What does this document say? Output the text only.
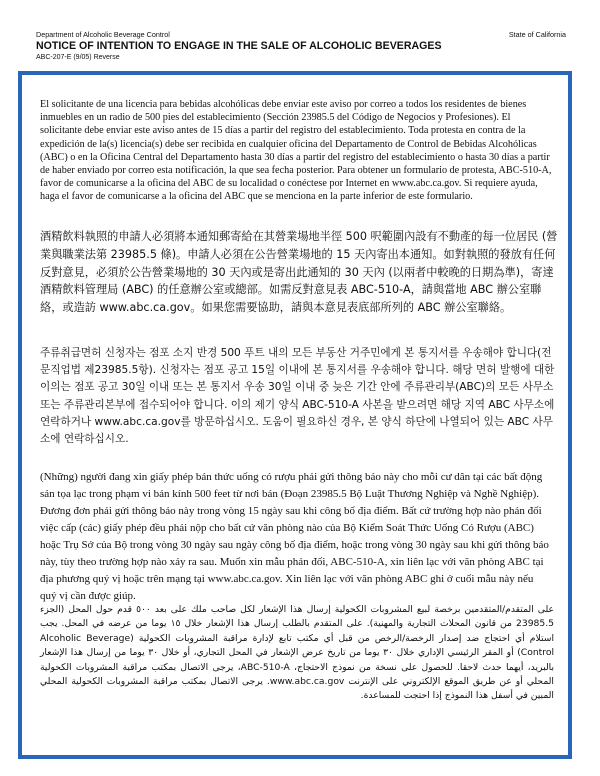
Department of Alcoholic Beverage Control	State of California
NOTICE OF INTENTION TO ENGAGE IN THE SALE OF ALCOHOLIC BEVERAGES
ABC-207-E (9/05) Reverse

El solicitante de una licencia para bebidas alcohólicas debe enviar este aviso por correo a todos los residentes de bienes inmuebles en un radio de 500 pies del establecimiento (Sección 23985.5 del Código de Negocios y Profesiones). El solicitante debe enviar este aviso antes de 15 días a partir del registro del establecimiento. Toda protesta en contra de la expedición de la(s) licencia(s) debe ser recibida en cualquier oficina del Departamento de Control de Bebidas Alcohólicas (ABC) o en la Oficina Central del Departamento hasta 30 días a partir del registro del establecimiento o hasta 30 días a partir de haber enviado por correo esta notificación, la que sea fecha posterior. Para obtener un formulario de protesta, ABC-510-A, favor de comunicarse a la oficina del ABC de su localidad o conéctese por Internet en www.abc.ca.gov. Si requiere ayuda, haga el favor de comunicarse a la oficina del ABC que se menciona en la parte inferior de este formulario.

酒精飲料執照的申請人必須將本通知郵寄給在其營業場地半徑 500 呎範圍內設有不動產的每一位居民 (營業與職業法第 23985.5 條)。申請人必須在公告營業場地的 15 天內寄出本通知。如對執照的發放有任何反對意見，必須於公告營業場地的 30 天內或是寄出此通知的 30 天內 (以兩者中較晚的日期為準)，寄達酒精飲料管理局 (ABC) 的任意辦公室或總部。如需反對意見表 ABC-510-A，請與當地 ABC 辦公室聯絡，或造訪 www.abc.ca.gov。如果您需要協助，請與本意見表底部所列的 ABC 辦公室聯絡。

주류취급면허 신청자는 점포 소지 반경 500 푸트 내의 모든 부동산 거주민에게 본 통지서를 우송해야 합니다(전문직업법 제23985.5항). 신청자는 점포 공고 15일 이내에 본 통지서를 우송해야 합니다. 해당 면허 발행에 대한 이의는 점포 공고 30일 이내 또는 본 통지서 우송 30일 이내 중 늦은 기간 안에 주류관리부(ABC)의 모든 사무소 또는 주류관리본부에 접수되어야 합니다. 이의 제기 양식 ABC-510-A 사본을 받으려면 해당 지역 ABC 사무소에 연락하거나 www.abc.ca.gov를 방문하십시오. 도움이 필요하신 경우, 본 양식 하단에 나열되어 있는 ABC 사무소에 연락하십시오.

(Những) người đang xin giấy phép bán thức uống có rượu phải gửi thông báo này cho mỗi cư dân tại các bất động sản tọa lạc trong phạm vi bán kính 500 feet từ nơi bán (Đoạn 23985.5 Bộ Luật Thương Nghiệp và Nghề Nghiệp). Đương đơn phải gửi thông báo này trong vòng 15 ngày sau khi công bố địa điểm. Bất cứ trường hợp nào phản đối việc cấp (các) giấy phép đều phải nộp cho bất cứ văn phòng nào của Bộ Kiểm Soát Thức Uống Có Rượu (ABC) hoặc Trụ Sở của Bộ trong vòng 30 ngày sau ngày công bố địa điểm, hoặc trong vòng 30 ngày sau khi gửi thông báo này, tùy theo trường hợp nào xảy ra sau. Muốn xin mẫu phản đối, ABC-510-A, xin liên lạc với văn phòng ABC tại địa phương quý vị hoặc trên mạng tại www.abc.ca.gov. Xin liên lạc với văn phòng ABC ghi ở cuối mẫu này nếu quý vị cần được giúp.

على المتقدم/المتقدمين برخصة لبيع المشروبات الكحولية إرسال هذا الإشعار لكل صاحب ملك على بعد ٥٠٠ قدم حول المحل (الجزء 23985.5 من قانون المحلات التجارية والمهنية). على المتقدم بالطلب إرسال هذا الإشعار خلال ١٥ يوما من عرضه في المحل. يجب استلام أي احتجاج ضد إصدار الرخصة/الرخص من قبل أي مكتب تابع لإدارة مراقبة المشروبات الكحولية (Alcoholic Beverage Control) أو المقر الرئيسي الإداري خلال ٣٠ يوما من تاريخ عرض الإشعار في المحل التجاري، أو خلال ٣٠ يوما من إرسال هذا الإشعار بالبريد، أيهما حدث لاحقا. للحصول على نسخة من نموذج الاحتجاج، ABC-510-A، يرجى الاتصال بمكتب مراقبة المشروبات الكحولية المحلي أو عن طريق الموقع الإلكتروني على الإنترنت www.abc.ca.gov. يرجى الاتصال بمكتب مراقبة المشروبات الكحولية المحلي المبين في أسفل هذا النموذج إذا احتجت للمساعدة.
